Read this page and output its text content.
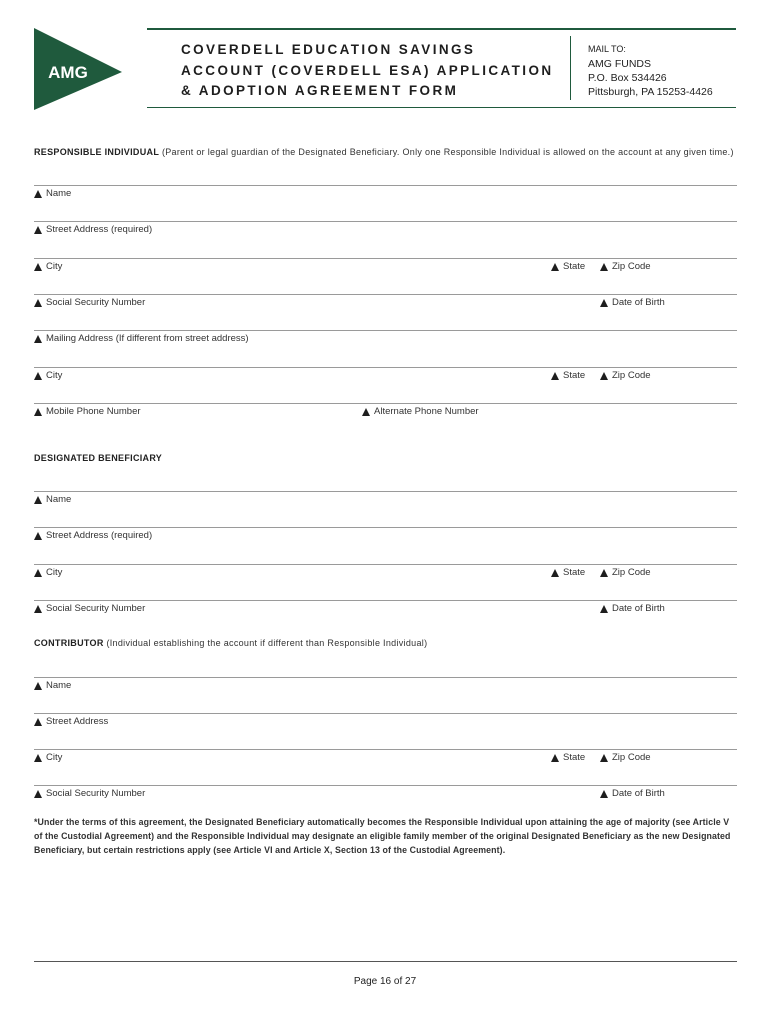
AMG
COVERDELL EDUCATION SAVINGS
ACCOUNT (COVERDELL ESA) APPLICATION
& ADOPTION AGREEMENT FORM
MAIL TO:
AMG FUNDS
P.O. Box 534426
Pittsburgh, PA 15253-4426
RESPONSIBLE INDIVIDUAL (Parent or legal guardian of the Designated Beneficiary. Only one Responsible Individual is allowed on the account at any given time.)
Name
Street Address (required)
City	State	Zip Code
Social Security Number	Date of Birth
Mailing Address (If different from street address)
City	State	Zip Code
Mobile Phone Number	Alternate Phone Number
DESIGNATED BENEFICIARY
Name
Street Address (required)
City	State	Zip Code
Social Security Number	Date of Birth
CONTRIBUTOR (Individual establishing the account if different than Responsible Individual)
Name
Street Address
City	State	Zip Code
Social Security Number	Date of Birth
*Under the terms of this agreement, the Designated Beneficiary automatically becomes the Responsible Individual upon attaining the age of majority (see Article V of the Custodial Agreement) and the Responsible Individual may designate an eligible family member of the original Designated Beneficiary as the new Designated Beneficiary, but certain restrictions apply (see Article VI and Article X, Section 13 of the Custodial Agreement).
Page 16 of 27
